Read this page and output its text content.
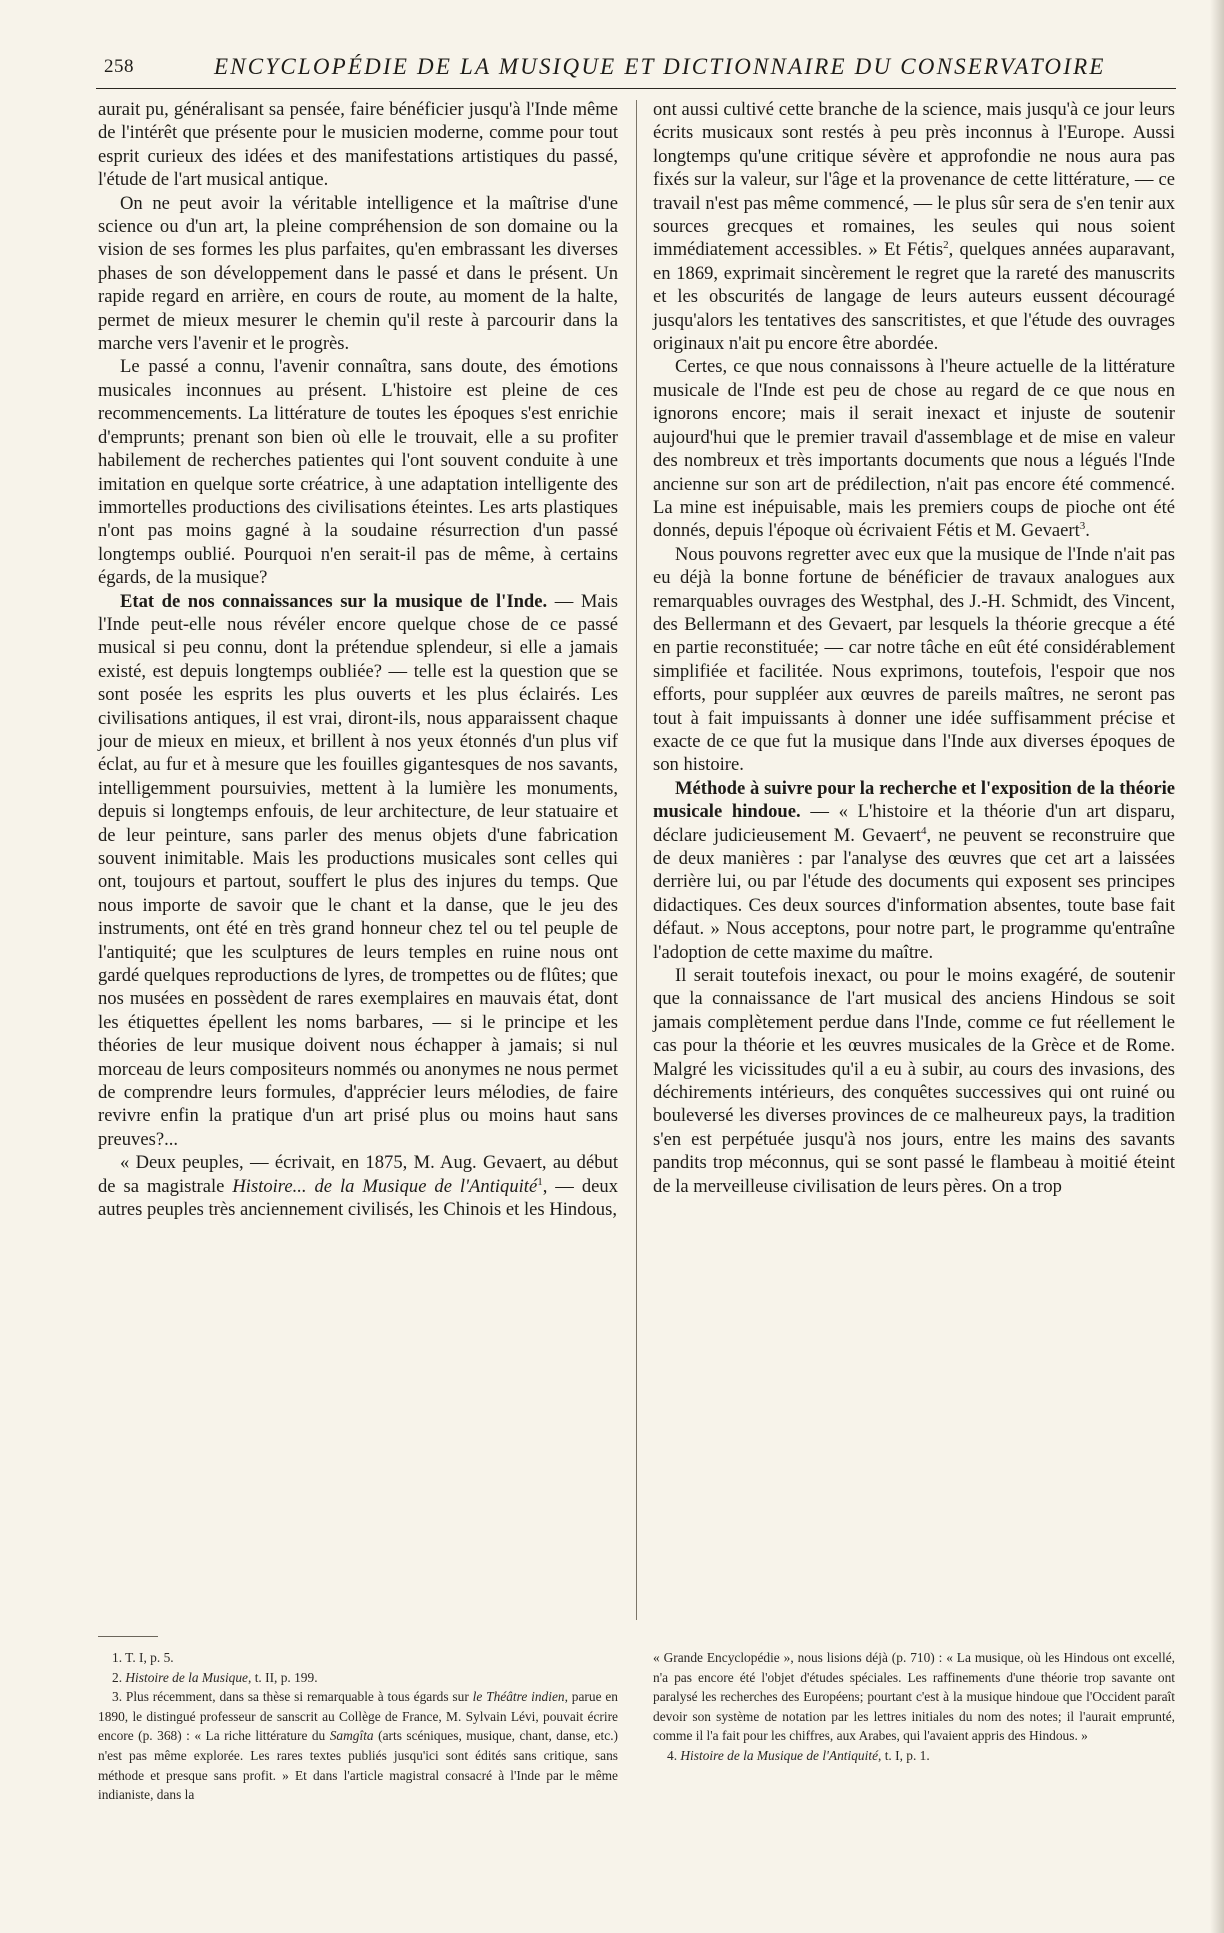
258	ENCYCLOPÉDIE DE LA MUSIQUE ET DICTIONNAIRE DU CONSERVATOIRE

aurait pu, généralisant sa pensée, faire bénéficier jusqu'à l'Inde même de l'intérêt que présente pour le musicien moderne, comme pour tout esprit curieux des idées et des manifestations artistiques du passé, l'étude de l'art musical antique.

On ne peut avoir la véritable intelligence et la maîtrise d'une science ou d'un art, la pleine compréhension de son domaine ou la vision de ses formes les plus parfaites, qu'en embrassant les diverses phases de son développement dans le passé et dans le présent. Un rapide regard en arrière, en cours de route, au moment de la halte, permet de mieux mesurer le chemin qu'il reste à parcourir dans la marche vers l'avenir et le progrès.

Le passé a connu, l'avenir connaîtra, sans doute, des émotions musicales inconnues au présent. L'histoire est pleine de ces recommencements. La littérature de toutes les époques s'est enrichie d'emprunts; prenant son bien où elle le trouvait, elle a su profiter habilement de recherches patientes qui l'ont souvent conduite à une imitation en quelque sorte créatrice, à une adaptation intelligente des immortelles productions des civilisations éteintes. Les arts plastiques n'ont pas moins gagné à la soudaine résurrection d'un passé longtemps oublié. Pourquoi n'en serait-il pas de même, à certains égards, de la musique?

Etat de nos connaissances sur la musique de l'Inde. — Mais l'Inde peut-elle nous révéler encore quelque chose de ce passé musical si peu connu, dont la prétendue splendeur, si elle a jamais existé, est depuis longtemps oubliée? — telle est la question que se sont posée les esprits les plus ouverts et les plus éclairés. Les civilisations antiques, il est vrai, diront-ils, nous apparaissent chaque jour de mieux en mieux, et brillent à nos yeux étonnés d'un plus vif éclat, au fur et à mesure que les fouilles gigantesques de nos savants, intelligemment poursuivies, mettent à la lumière les monuments, depuis si longtemps enfouis, de leur architecture, de leur statuaire et de leur peinture, sans parler des menus objets d'une fabrication souvent inimitable. Mais les productions musicales sont celles qui ont, toujours et partout, souffert le plus des injures du temps. Que nous importe de savoir que le chant et la danse, que le jeu des instruments, ont été en très grand honneur chez tel ou tel peuple de l'antiquité; que les sculptures de leurs temples en ruine nous ont gardé quelques reproductions de lyres, de trompettes ou de flûtes; que nos musées en possèdent de rares exemplaires en mauvais état, dont les étiquettes épellent les noms barbares, — si le principe et les théories de leur musique doivent nous échapper à jamais; si nul morceau de leurs compositeurs nommés ou anonymes ne nous permet de comprendre leurs formules, d'apprécier leurs mélodies, de faire revivre enfin la pratique d'un art prisé plus ou moins haut sans preuves?...

« Deux peuples, — écrivait, en 1875, M. Aug. Gevaert, au début de sa magistrale Histoire... de la Musique de l'Antiquité$^1$, — deux autres peuples très anciennement civilisés, les Chinois et les Hindous,

ont aussi cultivé cette branche de la science, mais jusqu'à ce jour leurs écrits musicaux sont restés à peu près inconnus à l'Europe. Aussi longtemps qu'une critique sévère et approfondie ne nous aura pas fixés sur la valeur, sur l'âge et la provenance de cette littérature, — ce travail n'est pas même commencé, — le plus sûr sera de s'en tenir aux sources grecques et romaines, les seules qui nous soient immédiatement accessibles. » Et Fétis$^2$, quelques années auparavant, en 1869, exprimait sincèrement le regret que la rareté des manuscrits et les obscurités de langage de leurs auteurs eussent découragé jusqu'alors les tentatives des sanscritistes, et que l'étude des ouvrages originaux n'ait pu encore être abordée.

Certes, ce que nous connaissons à l'heure actuelle de la littérature musicale de l'Inde est peu de chose au regard de ce que nous en ignorons encore; mais il serait inexact et injuste de soutenir aujourd'hui que le premier travail d'assemblage et de mise en valeur des nombreux et très importants documents que nous a légués l'Inde ancienne sur son art de prédilection, n'ait pas encore été commencé. La mine est inépuisable, mais les premiers coups de pioche ont été donnés, depuis l'époque où écrivaient Fétis et M. Gevaert$^3$.

Nous pouvons regretter avec eux que la musique de l'Inde n'ait pas eu déjà la bonne fortune de bénéficier de travaux analogues aux remarquables ouvrages des Westphal, des J.-H. Schmidt, des Vincent, des Bellermann et des Gevaert, par lesquels la théorie grecque a été en partie reconstituée; — car notre tâche en eût été considérablement simplifiée et facilitée. Nous exprimons, toutefois, l'espoir que nos efforts, pour suppléer aux œuvres de pareils maîtres, ne seront pas tout à fait impuissants à donner une idée suffisamment précise et exacte de ce que fut la musique dans l'Inde aux diverses époques de son histoire.

Méthode à suivre pour la recherche et l'exposition de la théorie musicale hindoue. — « L'histoire et la théorie d'un art disparu, déclare judicieusement M. Gevaert$^4$, ne peuvent se reconstruire que de deux manières : par l'analyse des œuvres que cet art a laissées derrière lui, ou par l'étude des documents qui exposent ses principes didactiques. Ces deux sources d'information absentes, toute base fait défaut. » Nous acceptons, pour notre part, le programme qu'entraîne l'adoption de cette maxime du maître.

Il serait toutefois inexact, ou pour le moins exagéré, de soutenir que la connaissance de l'art musical des anciens Hindous se soit jamais complètement perdue dans l'Inde, comme ce fut réellement le cas pour la théorie et les œuvres musicales de la Grèce et de Rome. Malgré les vicissitudes qu'il a eu à subir, au cours des invasions, des déchirements intérieurs, des conquêtes successives qui ont ruiné ou bouleversé les diverses provinces de ce malheureux pays, la tradition s'en est perpétuée jusqu'à nos jours, entre les mains des savants pandits trop méconnus, qui se sont passé le flambeau à moitié éteint de la merveilleuse civilisation de leurs pères. On a trop

1. T. I, p. 5.

2. Histoire de la Musique, t. II, p. 199.

3. Plus récemment, dans sa thèse si remarquable à tous égards sur le Théâtre indien, parue en 1890, le distingué professeur de sanscrit au Collège de France, M. Sylvain Lévi, pouvait écrire encore (p. 368) : « La riche littérature du Samgîta (arts scéniques, musique, chant, danse, etc.) n'est pas même explorée. Les rares textes publiés jusqu'ici sont édités sans critique, sans méthode et presque sans profit. » Et dans l'article magistral consacré à l'Inde par le même indianiste, dans la

« Grande Encyclopédie », nous lisions déjà (p. 710) : « La musique, où les Hindous ont excellé, n'a pas encore été l'objet d'études spéciales. Les raffinements d'une théorie trop savante ont paralysé les recherches des Européens; pourtant c'est à la musique hindoue que l'Occident paraît devoir son système de notation par les lettres initiales du nom des notes; il l'aurait emprunté, comme il l'a fait pour les chiffres, aux Arabes, qui l'avaient appris des Hindous. »

4. Histoire de la Musique de l'Antiquité, t. I, p. 1.
